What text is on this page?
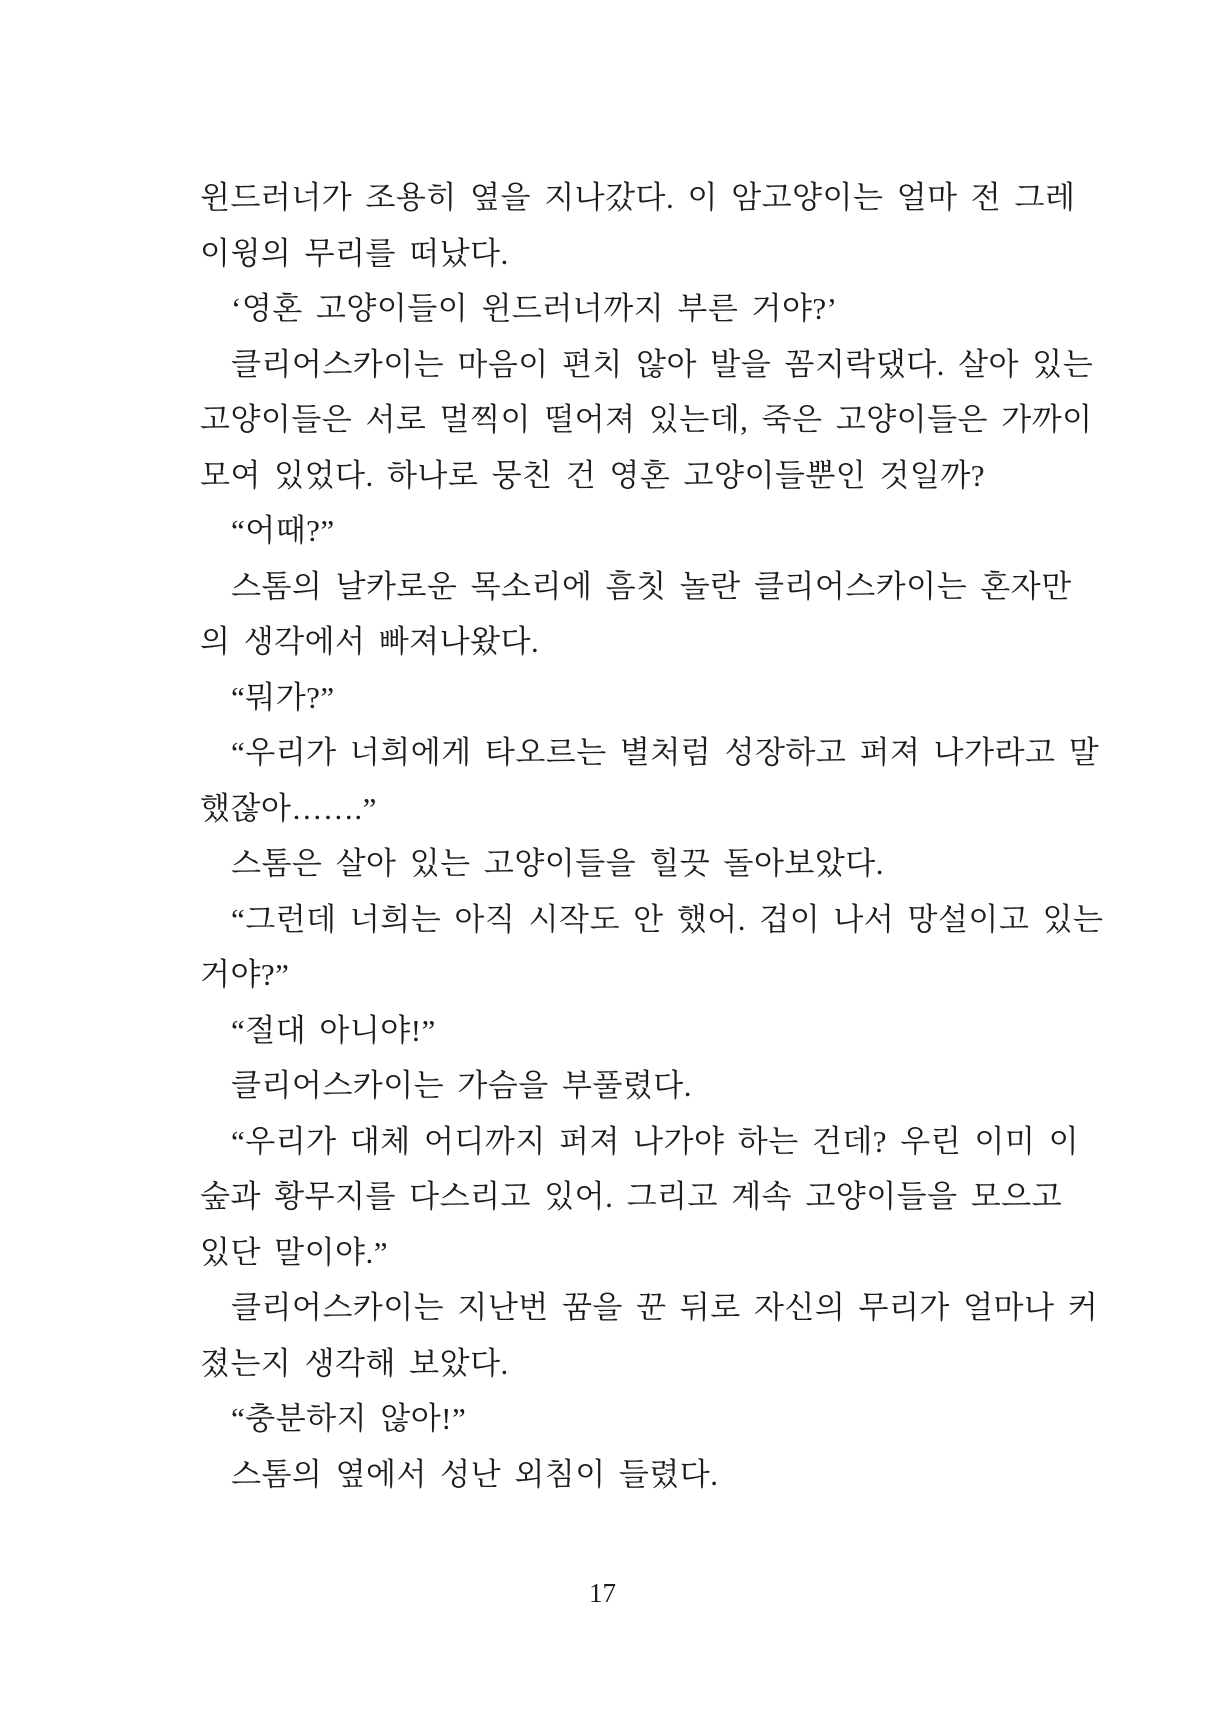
윈드러너가 조용히 옆을 지나갔다. 이 암고양이는 얼마 전 그레
이윙의 무리를 떠났다.
‘영혼 고양이들이 윈드러너까지 부른 거야?’
클리어스카이는 마음이 편치 않아 발을 꼼지락댔다. 살아 있는
고양이들은 서로 멀찍이 떨어져 있는데, 죽은 고양이들은 가까이
모여 있었다. 하나로 뭉친 건 영혼 고양이들뿐인 것일까?
“어때?”
스톰의 날카로운 목소리에 흠칫 놀란 클리어스카이는 혼자만
의 생각에서 빠져나왔다.
“뭐가?”
“우리가 너희에게 타오르는 별처럼 성장하고 퍼져 나가라고 말
했잖아…….”
스톰은 살아 있는 고양이들을 힐끗 돌아보았다.
“그런데 너희는 아직 시작도 안 했어. 겁이 나서 망설이고 있는
거야?”
“절대 아니야!”
클리어스카이는 가슴을 부풀렸다.
“우리가 대체 어디까지 퍼져 나가야 하는 건데? 우린 이미 이
숲과 황무지를 다스리고 있어. 그리고 계속 고양이들을 모으고
있단 말이야.”
클리어스카이는 지난번 꿈을 꾼 뒤로 자신의 무리가 얼마나 커
졌는지 생각해 보았다.
“충분하지 않아!”
스톰의 옆에서 성난 외침이 들렸다.
17
